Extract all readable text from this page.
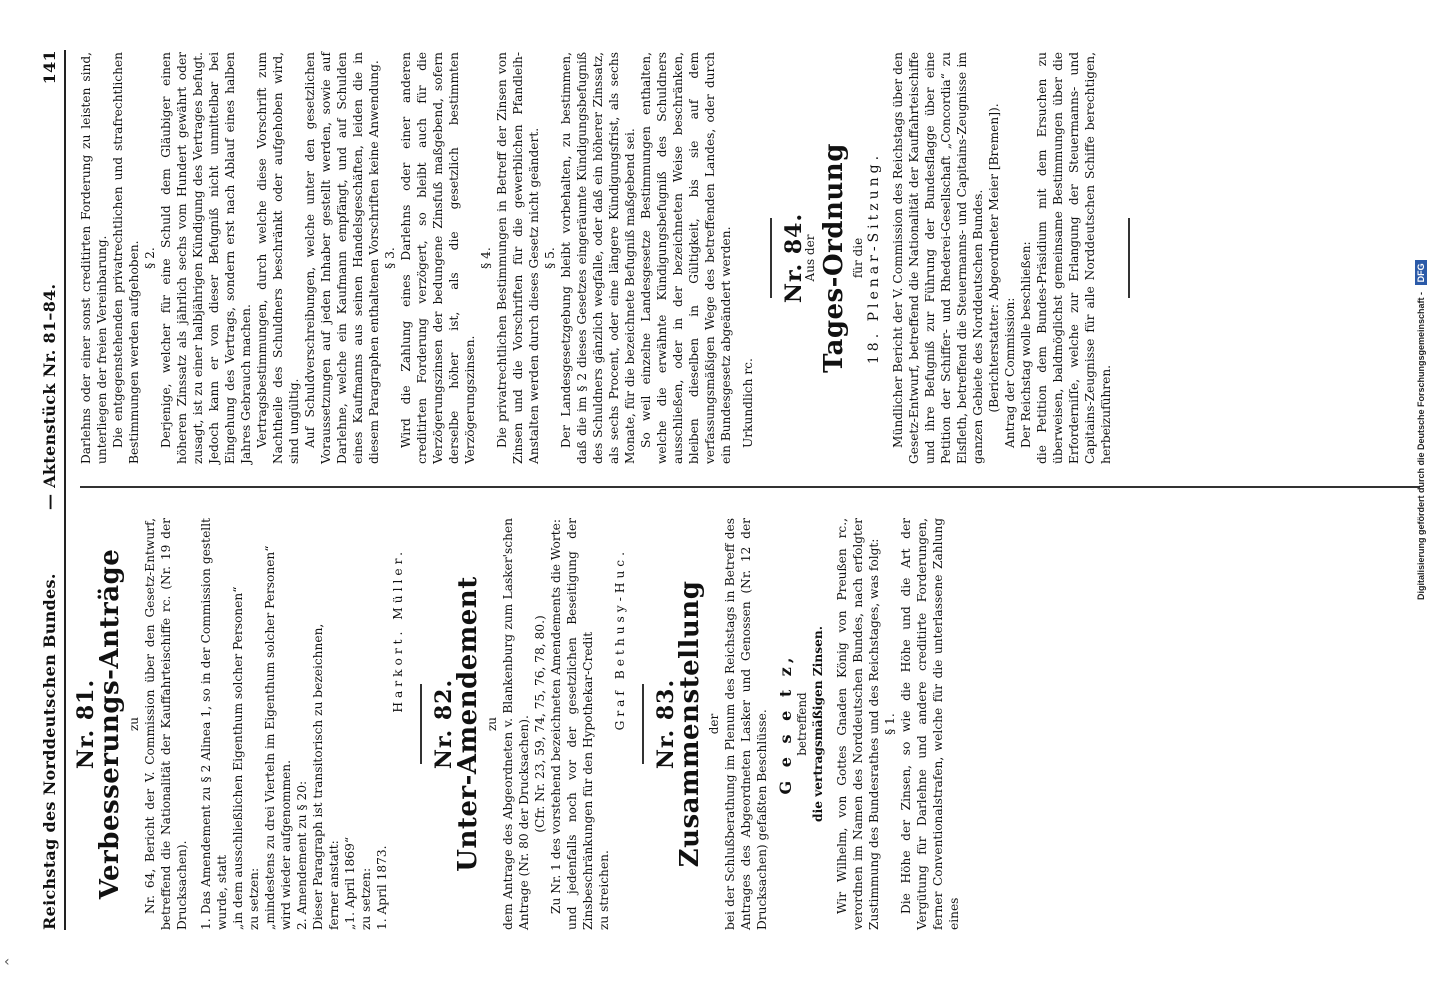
Reichstag des Norddeutschen Bundes.
— Aktenstück Nr. 81–84.
141

Nr. 81.

Verbesserungs-Anträge zu Nr. 64, Bericht der V. Commission über den Gesetz-Entwurf, betreffend die Nationalität der Kauffahrteischiffe rc. (Nr. 19 der Drucksachen). 1. Das Amendement zu § 2 Alinea 1, so in der Commission gestellt wurde, statt „in dem ausschließlichen Eigenthum solcher Personen“ zu setzen: „mindestens zu drei Vierteln im Eigenthum solcher Personen“ wird wieder aufgenommen. 2. Amendement zu § 20: Dieser Paragraph ist transitorisch zu bezeichnen, ferner anstatt: „1. April 1869“ zu setzen: 1. April 1873.

Harkort. Müller.

Nr. 82.

Unter-Amendement zu dem Antrage des Abgeordneten v. Blankenburg zum Lasker'schen Antrage (Nr. 80 der Drucksachen). (Cfr. Nr. 23, 59, 74, 75, 76, 78, 80.) Zu Nr. 1 des vorstehend bezeichneten Amendements die Worte: und jedenfalls noch vor der gesetzlichen Beseitigung der Zinsbeschränkungen für den Hypothekar-Credit zu streichen.

Graf Bethusy-Huc. Nr. 83.

Zusammenstellung der bei der Schlußberathung im Plenum des Reichstags in Betreff des Antrages des Abgeordneten Lasker und Genossen (Nr. 12 der Drucksachen) gefaßten Beschlüsse. G e s e t z, betreffend die vertragsmäßigen Zinsen. Wir Wilhelm, von Gottes Gnaden König von Preußen rc., verordnen im Namen des Norddeutschen Bundes, nach erfolgter Zustimmung des Bundesrathes und des Reichstages, was folgt: § 1. Die Höhe der Zinsen, so wie die Höhe und die Art der Vergütung für Darlehne und andere creditirte Forderungen, ferner Conventionalstrafen, welche für die unterlassene Zahlung eines

Darlehns oder einer sonst creditirten Forderung zu leisten sind, unterliegen der freien Vereinbarung. Die entgegenstehenden privatrechtlichen und strafrechtlichen Bestimmungen werden aufgehoben. § 2. Derjenige, welcher für eine Schuld dem Gläubiger einen höheren Zinssatz als jährlich sechs vom Hundert gewährt oder zusagt, ist zu einer halbjährigen Kündigung des Vertrages befugt. Jedoch kann er von dieser Befugniß nicht unmittelbar bei Eingehung des Vertrags, sondern erst nach Ablauf eines halben Jahres Gebrauch machen. Vertragsbestimmungen, durch welche diese Vorschrift zum Nachtheile des Schuldners beschränkt oder aufgehoben wird, sind ungültig. Auf Schuldverschreibungen, welche unter den gesetzlichen Voraussetzungen auf jeden Inhaber gestellt werden, sowie auf Darlehne, welche ein Kaufmann empfängt, und auf Schulden eines Kaufmanns aus seinen Handelsgeschäften, leiden die in diesem Paragraphen enthaltenen Vorschriften keine Anwendung. § 3. Wird die Zahlung eines Darlehns oder einer anderen creditirten Forderung verzögert, so bleibt auch für die Verzögerungszinsen der bedungene Zinsfuß maßgebend, sofern derselbe höher ist, als die gesetzlich bestimmten Verzögerungszinsen.

§ 4. Die privatrechtlichen Bestimmungen in Betreff der Zinsen von Zinsen und die Vorschriften für die gewerblichen Pfandleih-Anstalten werden durch dieses Gesetz nicht geändert. § 5. Der Landesgesetzgebung bleibt vorbehalten, zu bestimmen, daß die im § 2 dieses Gesetzes eingeräumte Kündigungsbefugniß des Schuldners gänzlich wegfalle, oder daß ein höherer Zinssatz, als sechs Procent, oder eine längere Kündigungsfrist, als sechs Monate, für die bezeichnete Befugniß maßgebend sei. So weil einzelne Landesgesetze Bestimmungen enthalten, welche die erwähnte Kündigungsbefugniß des Schuldners ausschließen, oder in der bezeichneten Weise beschränken, bleiben dieselben in Gültigkeit, bis sie auf dem verfassungsmäßigen Wege des betreffenden Landes, oder durch ein Bundesgesetz abgeändert werden. Urkundlich rc.

Nr. 84.

Aus der Tages-Ordnung für die 18. Plenar-Sitzung. Mündlicher Bericht der V. Commission des Reichstags über den Gesetz-Entwurf, betreffend die Nationalität der Kauffahrteischiffe und ihre Befugniß zur Führung der Bundesflagge über eine Petition der Schiffer- und Rhederei-Gesellschaft „Concordia“ zu Elsfleth, betreffend die Steuermanns- und Capitains-Zeugnisse im ganzen Gebiete des Norddeutschen Bundes. (Berichterstatter: Abgeordneter Meier [Bremen]). Antrag der Commission: Der Reichstag wolle beschließen: die Petition dem Bundes-Präsidium mit dem Ersuchen zu überweisen, baldmöglichst gemeinsame Bestimmungen über die Erforderniſſe, welche zur Erlangung der Steuermanns- und Capitains-Zeugnisse für alle Norddeutschen Schiffe berechtigen, herbeizuführen.	Digitalisierung gefördert durch die Deutsche Forschungsgemeinschaft - DFG
‹
